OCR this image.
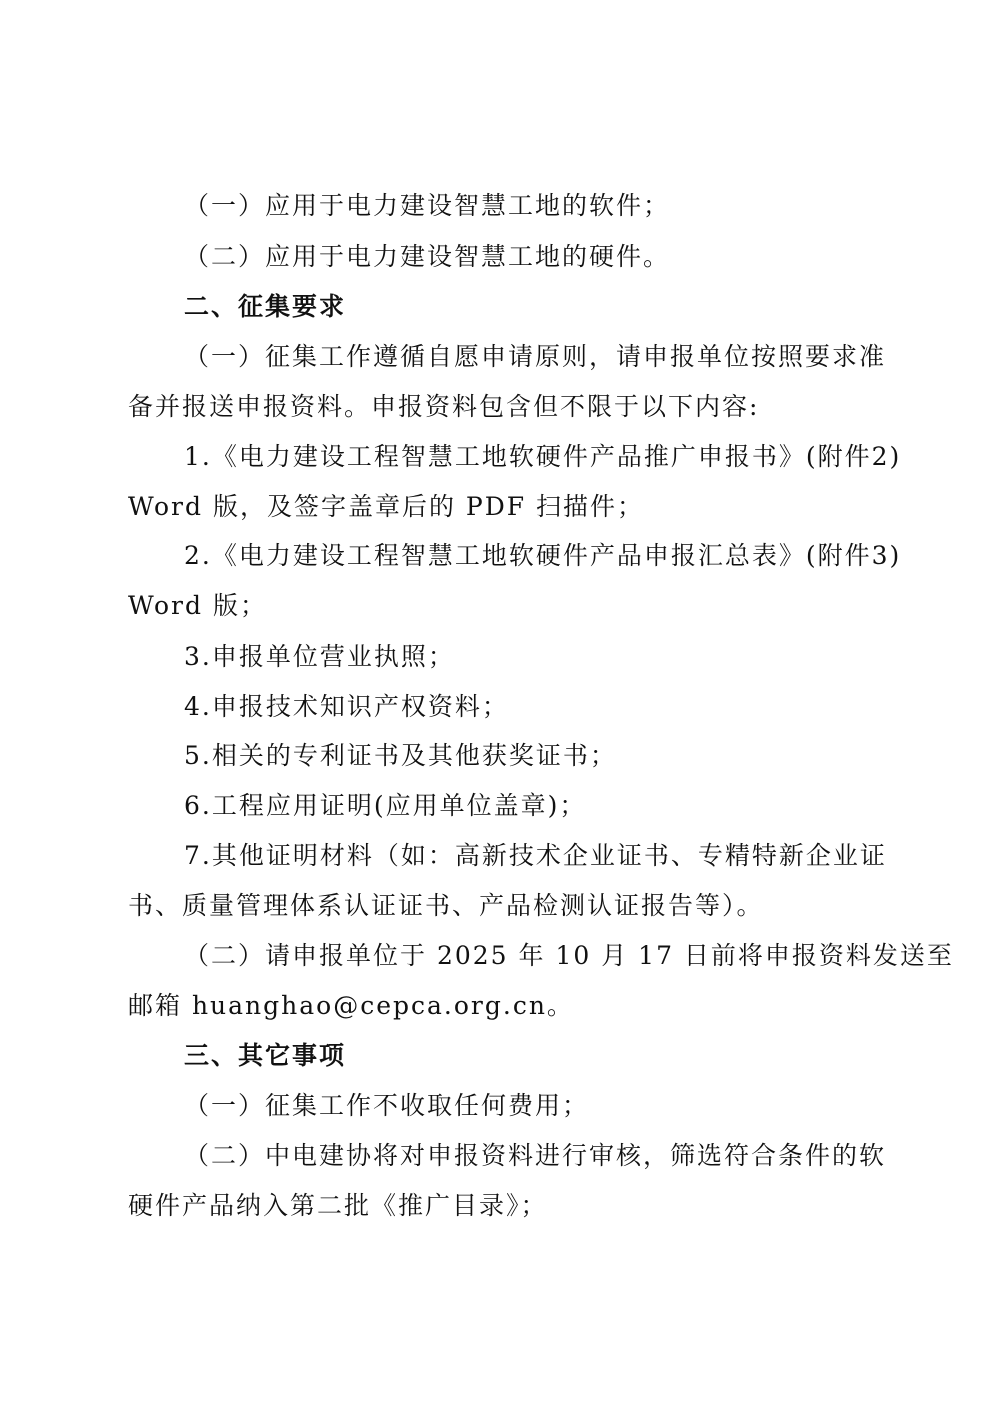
（一）应用于电力建设智慧工地的软件；
（二）应用于电力建设智慧工地的硬件。
二、征集要求
（一）征集工作遵循自愿申请原则，请申报单位按照要求准
备并报送申报资料。申报资料包含但不限于以下内容:
1.《电力建设工程智慧工地软硬件产品推广申报书》(附件2)
Word 版，及签字盖章后的 PDF 扫描件；
2.《电力建设工程智慧工地软硬件产品申报汇总表》(附件3)
Word 版；
3.申报单位营业执照；
4.申报技术知识产权资料；
5.相关的专利证书及其他获奖证书；
6.工程应用证明(应用单位盖章)；
7.其他证明材料（如：高新技术企业证书、专精特新企业证
书、质量管理体系认证证书、产品检测认证报告等）。
（二）请申报单位于 2025 年 10 月 17 日前将申报资料发送至
邮箱 huanghao@cepca.org.cn。
三、其它事项
（一）征集工作不收取任何费用；
（二）中电建协将对申报资料进行审核，筛选符合条件的软
硬件产品纳入第二批《推广目录》；
